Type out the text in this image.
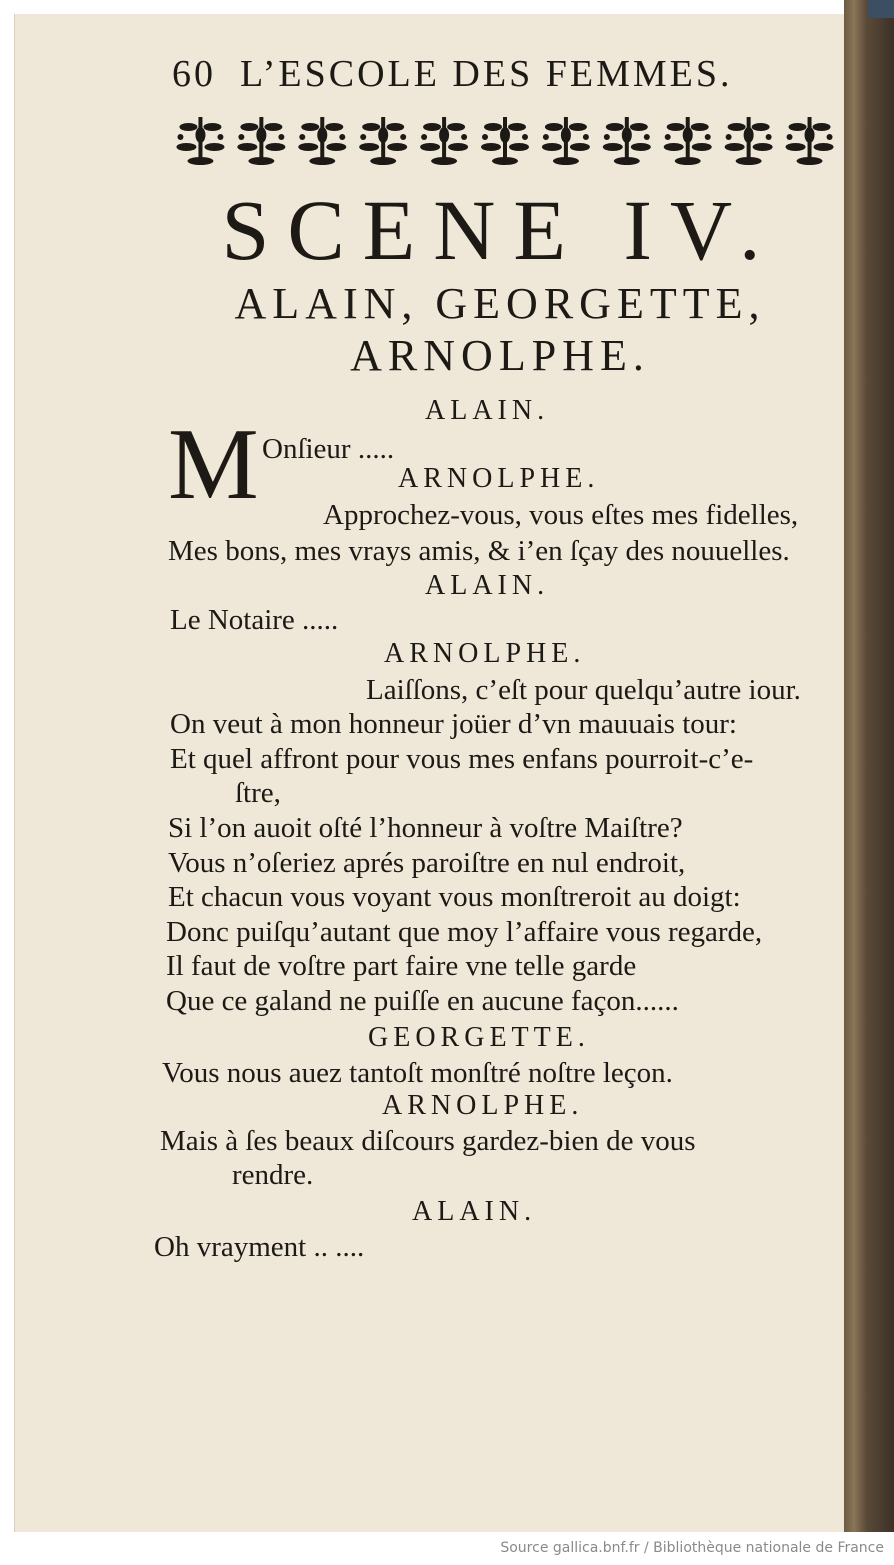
60 L’ESCOLE DES FEMMES.
SCENE IV.
ALAIN, GEORGETTE,
ARNOLPHE.
ALAIN.
M Onſieur .....
ARNOLPHE.
Approchez-vous, vous eſtes mes fidelles,
Mes bons, mes vrays amis, & i’en ſçay des nouuelles.
ALAIN.
Le Notaire .....
ARNOLPHE.
Laiſſons, c’eſt pour quelqu’autre iour.
On veut à mon honneur joüer d’vn mauuais tour:
Et quel affront pour vous mes enfans pourroit-c’e-
ſtre,
Si l’on auoit oſté l’honneur à voſtre Maiſtre?
Vous n’oſeriez aprés paroiſtre en nul endroit,
Et chacun vous voyant vous monſtreroit au doigt:
Donc puiſqu’autant que moy l’affaire vous regarde,
Il faut de voſtre part faire vne telle garde
Que ce galand ne puiſſe en aucune façon......
GEORGETTE.
Vous nous auez tantoſt monſtré noſtre leçon.
ARNOLPHE.
Mais à ſes beaux diſcours gardez-bien de vous
rendre.
ALAIN.
Oh vrayment .. ....
Source gallica.bnf.fr / Bibliothèque nationale de France
